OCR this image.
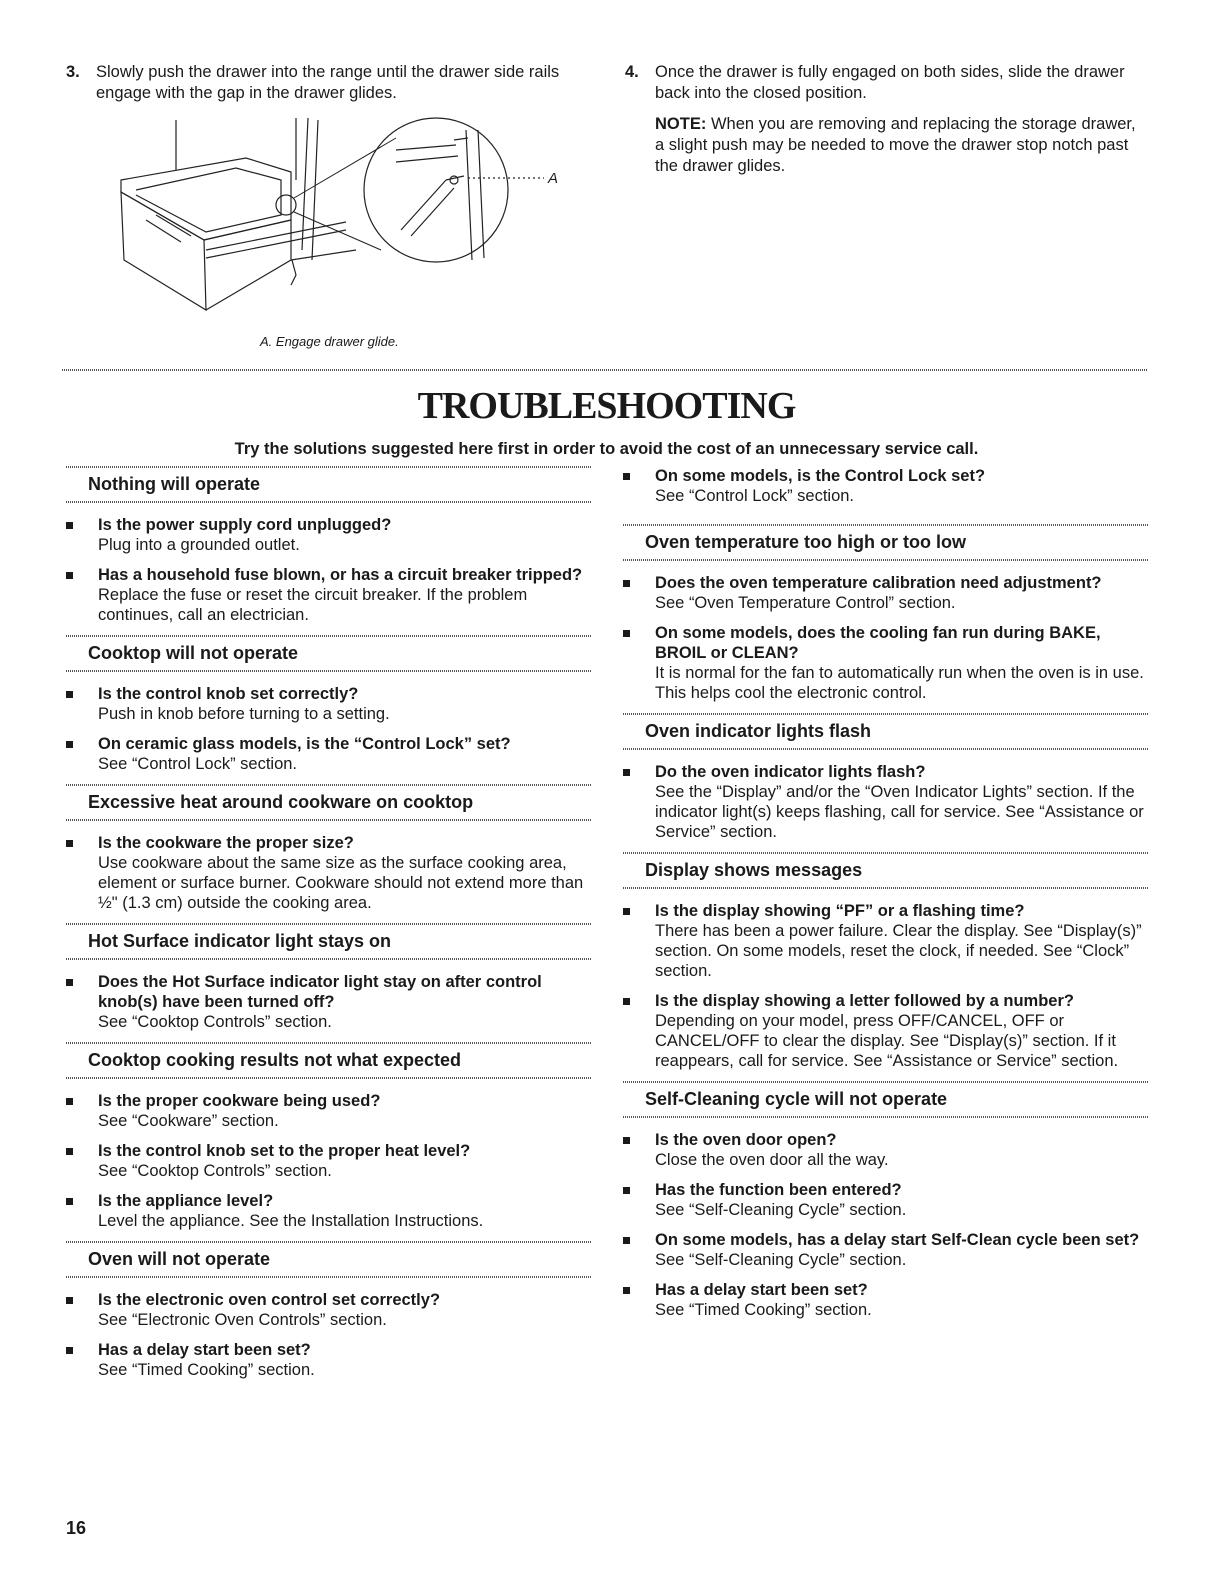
3. Slowly push the drawer into the range until the drawer side rails engage with the gap in the drawer glides.

4. Once the drawer is fully engaged on both sides, slide the drawer back into the closed position.

NOTE: When you are removing and replacing the storage drawer, a slight push may be needed to move the drawer stop notch past the drawer glides.

A
A. Engage drawer glide.
TROUBLESHOOTING

Try the solutions suggested here first in order to avoid the cost of an unnecessary service call.

Nothing will operate

Is the power supply cord unplugged?

Plug into a grounded outlet.

Has a household fuse blown, or has a circuit breaker tripped?

Replace the fuse or reset the circuit breaker. If the problem continues, call an electrician.

Cooktop will not operate

Is the control knob set correctly?

Push in knob before turning to a setting.

On ceramic glass models, is the “Control Lock” set?

See “Control Lock” section.

Excessive heat around cookware on cooktop

Is the cookware the proper size?

Use cookware about the same size as the surface cooking area, element or surface burner. Cookware should not extend more than ½" (1.3 cm) outside the cooking area.

Hot Surface indicator light stays on

Does the Hot Surface indicator light stay on after control knob(s) have been turned off?

See “Cooktop Controls” section.

Cooktop cooking results not what expected

Is the proper cookware being used?

See “Cookware” section.

Is the control knob set to the proper heat level?

See “Cooktop Controls” section.

Is the appliance level?

Level the appliance. See the Installation Instructions.

Oven will not operate

Is the electronic oven control set correctly?

See “Electronic Oven Controls” section.

Has a delay start been set?

See “Timed Cooking” section.

On some models, is the Control Lock set?

See “Control Lock” section.

Oven temperature too high or too low

Does the oven temperature calibration need adjustment?

See “Oven Temperature Control” section.

On some models, does the cooling fan run during BAKE, BROIL or CLEAN?

It is normal for the fan to automatically run when the oven is in use. This helps cool the electronic control.

Oven indicator lights flash

Do the oven indicator lights flash?

See the “Display” and/or the “Oven Indicator Lights” section. If the indicator light(s) keeps flashing, call for service. See “Assistance or Service” section.

Display shows messages

Is the display showing “PF” or a flashing time?

There has been a power failure. Clear the display. See “Display(s)” section. On some models, reset the clock, if needed. See “Clock” section.

Is the display showing a letter followed by a number?

Depending on your model, press OFF/CANCEL, OFF or CANCEL/OFF to clear the display. See “Display(s)” section. If it reappears, call for service. See “Assistance or Service” section.

Self-Cleaning cycle will not operate

Is the oven door open?

Close the oven door all the way.

Has the function been entered?

See “Self-Cleaning Cycle” section.

On some models, has a delay start Self-Clean cycle been set?

See “Self-Cleaning Cycle” section.

Has a delay start been set?

See “Timed Cooking” section.

16
